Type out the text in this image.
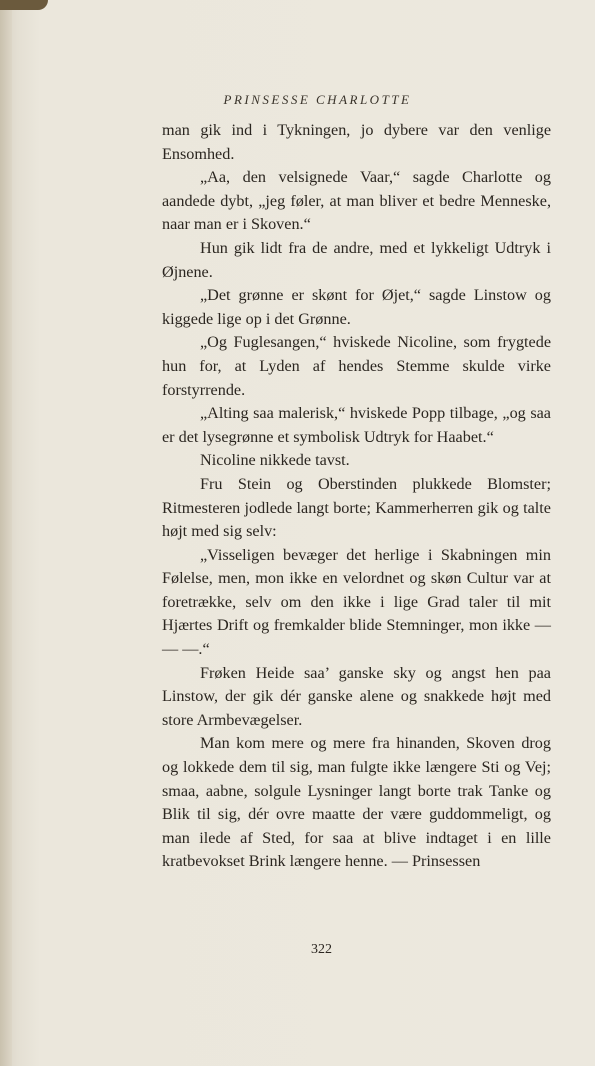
PRINSESSE CHARLOTTE

man gik ind i Tykningen, jo dybere var den venlige Ensomhed.

„Aa, den velsignede Vaar,“ sagde Charlotte og aandede dybt, „jeg føler, at man bliver et bedre Menneske, naar man er i Skoven.“

Hun gik lidt fra de andre, med et lykkeligt Udtryk i Øjnene.

„Det grønne er skønt for Øjet,“ sagde Linstow og kiggede lige op i det Grønne.

„Og Fuglesangen,“ hviskede Nicoline, som frygtede hun for, at Lyden af hendes Stemme skulde virke forstyrrende.

„Alting saa malerisk,“ hviskede Popp tilbage, „og saa er det lysegrønne et symbolisk Udtryk for Haabet.“

Nicoline nikkede tavst.

Fru Stein og Oberstinden plukkede Blomster; Ritmesteren jodlede langt borte; Kammerherren gik og talte højt med sig selv:

„Visseligen bevæger det herlige i Skabningen min Følelse, men, mon ikke en velordnet og skøn Cultur var at foretrække, selv om den ikke i lige Grad taler til mit Hjærtes Drift og fremkalder blide Stemninger, mon ikke — — —.“

Frøken Heide saa’ ganske sky og angst hen paa Linstow, der gik dér ganske alene og snakkede højt med store Armbevægelser.

Man kom mere og mere fra hinanden, Skoven drog og lokkede dem til sig, man fulgte ikke længere Sti og Vej; smaa, aabne, solgule Lysninger langt borte trak Tanke og Blik til sig, dér ovre maatte der være guddommeligt, og man ilede af Sted, for saa at blive indtaget i en lille kratbevokset Brink længere henne. — Prinsessen

322
